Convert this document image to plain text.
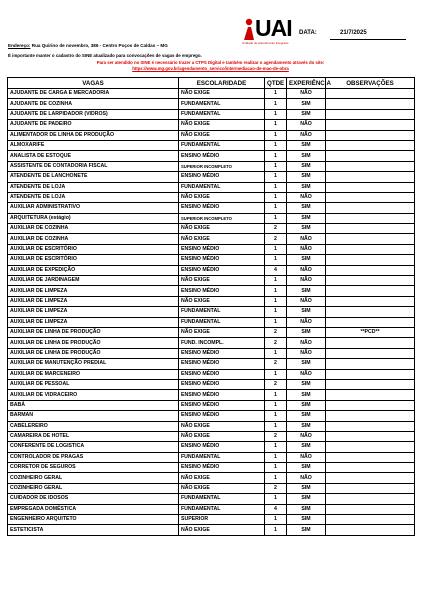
UAI
Unidade de Atendimento Integrado
DATA:	21/7/2025
Endereço: Rua Quirino de novembro, 386 - Centro Poços de Caldas – MG
É importante manter o cadastro do SINE atualizado para convocações de vagas de emprego.
Para ser atendido no SINE é necessário trazer a CTPS Digital e também realizar o agendamento através do site:
https://www.mg.gov.br/agendamento_servico/intermediacao-de-mao-de-obra
VAGAS	ESCOLARIDADE	QTDE	EXPERIÊNCIA	OBSERVAÇÕES
AJUDANTE DE CARGA E MERCADORIA	NÃO EXIGE	1	NÃO	
AJUDANTE DE COZINHA	FUNDAMENTAL	1	SIM	
AJUDANTE DE LARPIDADOR (VIDROS)	FUNDAMENTAL	1	SIM	
AJUDANTE DE PADEIRO	NÃO EXIGE	1	NÃO	
ALIMENTADOR DE LINHA DE PRODUÇÃO	NÃO EXIGE	1	NÃO	
ALMOXARIFE	FUNDAMENTAL	1	SIM	
ANALISTA DE ESTOQUE	ENSINO MÉDIO	1	SIM	
ASSISTENTE DE CONTADORIA FISCAL	SUPERIOR INCOMPLETO	1	SIM	
ATENDENTE DE LANCHONETE	ENSINO MÉDIO	1	SIM	
ATENDENTE DE LOJA	FUNDAMENTAL	1	SIM	
ATENDENTE DE LOJA	NÃO EXIGE	1	NÃO	
AUXILIAR ADMINISTRATIVO	ENSINO MÉDIO	1	SIM	
ARQUITETURA (estágio)	SUPERIOR INCOMPLETO	1	SIM	
AUXILIAR DE COZINHA	NÃO EXIGE	2	SIM	
AUXILIAR DE COZINHA	NÃO EXIGE	2	NÃO	
AUXILIAR DE ESCRITÓRIO	ENSINO MÉDIO	1	NÃO	
AUXILIAR DE ESCRITÓRIO	ENSINO MÉDIO	1	SIM	
AUXILIAR DE EXPEDIÇÃO	ENSINO MÉDIO	4	NÃO	
AUXILIAR DE JARDINAGEM	NÃO EXIGE	1	NÃO	
AUXILIAR DE LIMPEZA	ENSINO MÉDIO	1	SIM	
AUXILIAR DE LIMPEZA	NÃO EXIGE	1	NÃO	
AUXILIAR DE LIMPEZA	FUNDAMENTAL	1	SIM	
AUXILIAR DE LIMPEZA	FUNDAMENTAL	1	NÃO	
AUXILIAR DE LINHA DE PRODUÇÃO	NÃO EXIGE	2	SIM	**PCD**
AUXILIAR DE LINHA DE PRODUÇÃO	FUND. INCOMPL.	2	NÃO	
AUXILIAR DE LINHA DE PRODUÇÃO	ENSINO MÉDIO	1	NÃO	
AUXILIAR DE MANUTENÇÃO PREDIAL	ENSINO MÉDIO	2	SIM	
AUXILIAR DE MARCENEIRO	ENSINO MÉDIO	1	NÃO	
AUXILIAR DE PESSOAL	ENSINO MÉDIO	2	SIM	
AUXILIAR DE VIDRACEIRO	ENSINO MÉDIO	1	SIM	
BABÁ	ENSINO MÉDIO	1	SIM	
BARMAN	ENSINO MÉDIO	1	SIM	
CABELEREIRO	NÃO EXIGE	1	SIM	
CAMAREIRA DE HOTEL	NÃO EXIGE	2	NÃO	
CONFERENTE DE LOGISTICA	ENSINO MÉDIO	1	SIM	
CONTROLADOR DE PRAGAS	FUNDAMENTAL	1	NÃO	
CORRETOR DE SEGUROS	ENSINO MÉDIO	1	SIM	
COZINHEIRO GERAL	NÃO EXIGE	1	NÃO	
COZINHEIRO GERAL	NÃO EXIGE	2	SIM	
CUIDADOR DE IDOSOS	FUNDAMENTAL	1	SIM	
EMPREGADA DOMÉSTICA	FUNDAMENTAL	4	SIM	
ENGENHEIRO ARQUITETO	SUPERIOR	1	SIM	
ESTETICISTA	NÃO EXIGE	1	SIM	
